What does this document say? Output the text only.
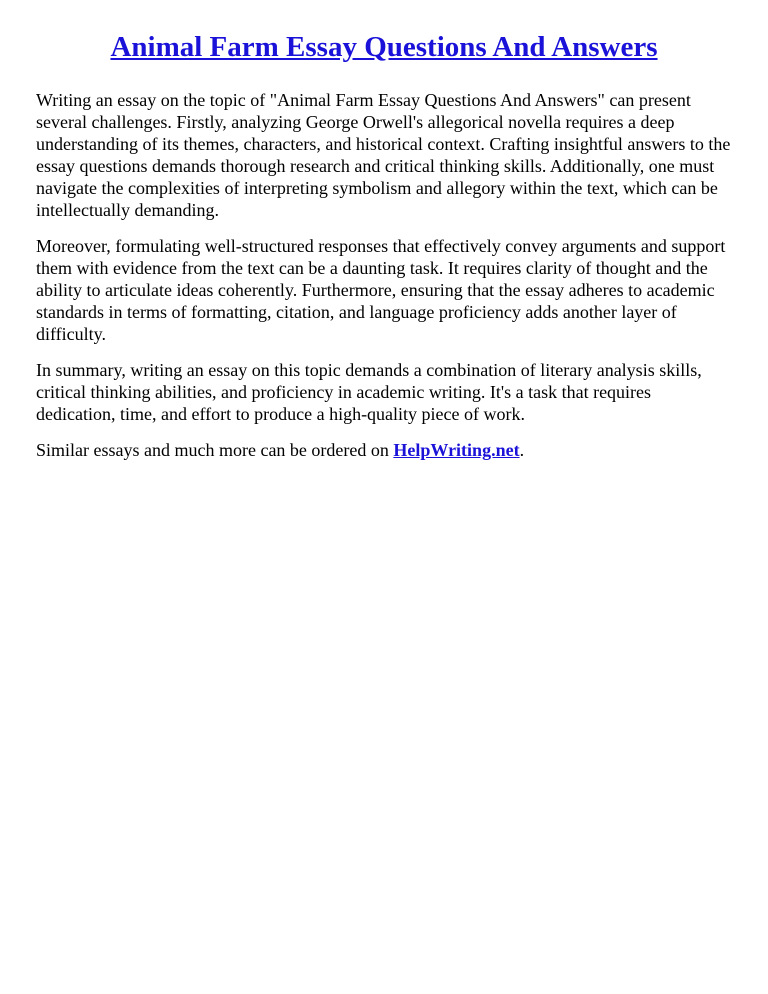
Animal Farm Essay Questions And Answers

Writing an essay on the topic of "Animal Farm Essay Questions And Answers" can present several challenges. Firstly, analyzing George Orwell's allegorical novella requires a deep understanding of its themes, characters, and historical context. Crafting insightful answers to the essay questions demands thorough research and critical thinking skills. Additionally, one must navigate the complexities of interpreting symbolism and allegory within the text, which can be intellectually demanding.

Moreover, formulating well-structured responses that effectively convey arguments and support them with evidence from the text can be a daunting task. It requires clarity of thought and the ability to articulate ideas coherently. Furthermore, ensuring that the essay adheres to academic standards in terms of formatting, citation, and language proficiency adds another layer of difficulty.

In summary, writing an essay on this topic demands a combination of literary analysis skills, critical thinking abilities, and proficiency in academic writing. It's a task that requires dedication, time, and effort to produce a high-quality piece of work.

Similar essays and much more can be ordered on HelpWriting.net.
